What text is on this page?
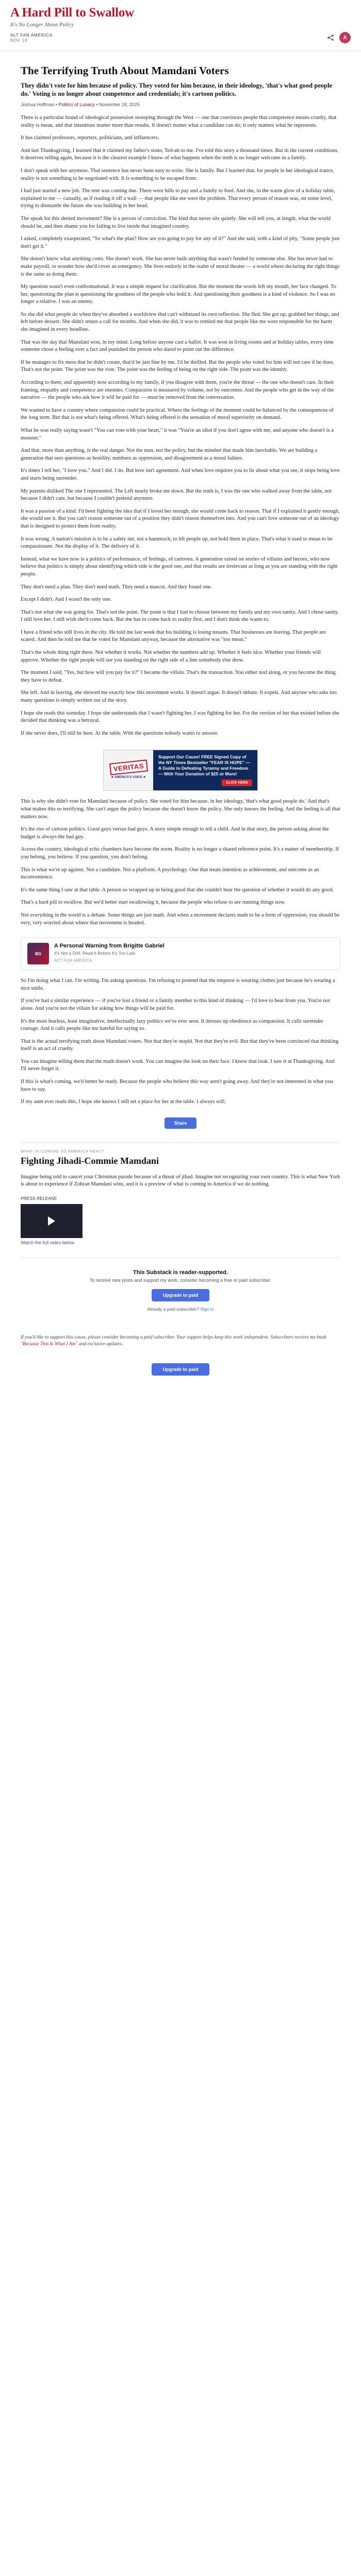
A Hard Pill to Swallow
It's No Longer About Policy
ALT FAN AMERICA
NOV 18	A
The Terrifying Truth About Mamdani Voters

They didn't vote for him because of policy. They voted for him because, in their ideology, 'that's what good people do.' Voting is no longer about competence and credentials; it's cartoon politics.

Joshua Hoffman • Politics of Lunacy • November 18, 2025

There is a particular brand of ideological possession sweeping through the West — one that convinces people that competence means cruelty, that reality is mean, and that intentions matter more than results. It doesn't matter what a candidate can do; it only matters what he represents.

It has claimed professors, reporters, politicians, and influencers.

And last Thanksgiving, I learned that it claimed my father's sister, Ted-ah to me. I've told this story a thousand times. But in the current conditions, it deserves telling again, because it is the clearest example I know of what happens when the truth is no longer welcome in a family.

I don't speak with her anymore. That sentence has never been easy to write. She is family. But I learned that, for people in her ideological trance, reality is not something to be negotiated with. It is something to be escaped from.

I had just started a new job. The rent was coming due. There were bills to pay and a family to feed. And she, in the warm glow of a holiday table, explained to me — casually, as if reading it off a wall — that people like me were the problem. That every person of reason was, on some level, trying to dismantle the future she was building in her head.

The speak for this denied movement? She is a person of conviction. The kind that never sits quietly. She will tell you, at length, what the world should be, and then shame you for failing to live inside that imagined country.

I asked, completely exasperated, "So what's the plan? How are you going to pay for any of it?" And she said, with a kind of pity, "Some people just don't get it."

She doesn't know what anything costs. She doesn't work. She has never built anything that wasn't funded by someone else. She has never had to make payroll, or wonder how she'd cover an emergency. She lives entirely in the realm of moral theater — a world where declaring the right things is the same as doing them.

My question wasn't even confrontational. It was a simple request for clarification. But the moment the words left my mouth, her face changed. To her, questioning the plan is questioning the goodness of the people who hold it. And questioning their goodness is a kind of violence. So I was no longer a relative. I was an enemy.

So she did what people do when they've absorbed a worldview that can't withstand its own reflection. She fled. She got up, grabbed her things, and left before dessert. She didn't return a call for months. And when she did, it was to remind me that people like me were responsible for the harm she imagined in every headline.

That was the day that Mamdani won, in my mind. Long before anyone cast a ballot. It was won in living rooms and at holiday tables, every time someone chose a feeling over a fact and punished the person who dared to point out the difference.

If he manages to fix mess that he didn't create, that'd be just fine by me. I'd be thrilled. But the people who voted for him will not care if he does. That's not the point. The point was the vote. The point was the feeling of being on the right side. The point was the identity.

According to them, and apparently now according to my family, if you disagree with them, you're the threat — the one who doesn't care. In their framing, empathy and competence are enemies. Compassion is measured by volume, not by outcomes. And the people who get in the way of the narrative — the people who ask how it will be paid for — must be removed from the conversation.

We wanted to have a country where compassion could be practical. Where the feelings of the moment could be balanced by the consequences of the long term. But that is not what's being offered. What's being offered is the sensation of moral superiority on demand.

What he was really saying wasn't "You can vote with your heart," it was "You're an idiot if you don't agree with me, and anyone who doesn't is a monster."

And that, more than anything, is the real danger. Not the man, not the policy, but the mindset that made him inevitable. We are building a generation that sees questions as hostility, numbers as oppression, and disagreement as a moral failure.

It's times I tell her, "I love you." And I did. I do. But love isn't agreement. And when love requires you to lie about what you see, it stops being love and starts being surrender.

My parents disliked The one I represented. The Left nearly broke me down. But the truth is, I was the one who walked away from the table, not because I didn't care, but because I couldn't pretend anymore.

It was a passion of a kind. I'd been fighting the idea that if I loved her enough, she would come back to reason. That if I explained it gently enough, she would see it. But you can't reason someone out of a position they didn't reason themselves into. And you can't love someone out of an ideology that is designed to protect them from reality.

It was wrong. A nation's mission is to be a safety net, not a hammock; to lift people up, not hold them in place. That's what it used to mean to be compassionate. Not the display of it. The delivery of it.

Instead, what we have now is a politics of performance, of feelings, of cartoons. A generation raised on stories of villains and heroes, who now believe that politics is simply about identifying which side is the good one, and that results are irrelevant as long as you are standing with the right people.

They don't need a plan. They don't need math. They need a mascot. And they found one.

Except I didn't. And I wasn't the only one.

That's not what she was going for. That's not the point. The point is that I had to choose between my family and my own sanity. And I chose sanity. I still love her. I still wish she'd come back. But she has to come back to reality first, and I don't think she wants to.

I have a friend who still lives in the city. He told me last week that his building is losing tenants. That businesses are leaving. That people are scared. And then he told me that he voted for Mamdani anyway, because the alternative was "too mean."

That's the whole thing right there. Not whether it works. Not whether the numbers add up. Whether it feels nice. Whether your friends will approve. Whether the right people will see you standing on the right side of a line somebody else drew.

The moment I said, "Yes, but how will you pay for it?" I became the villain. That's the transaction. You either nod along, or you become the thing they have to defeat.

She left. And in leaving, she showed me exactly how this movement works. It doesn't argue. It doesn't debate. It expels. And anyone who asks too many questions is simply written out of the story.

I hope she reads this someday. I hope she understands that I wasn't fighting her. I was fighting for her. For the version of her that existed before she decided that thinking was a betrayal.

If she never does, I'll still be here. At the table. With the questions nobody wants to answer.

VERITAS
★ AMERICA'S VOICE ★
Support Our Cause! FREE Signed Copy of the NY Times Bestseller "FEAR IS HOPE" — A Guide to Defeating Tyranny and Freedom — With Your Donation of $25 or More!
CLICK HERE

This is why she didn't vote for Mamdani because of policy. She voted for him because, in her ideology, 'that's what good people do.' And that's what makes this so terrifying. She can't argue the policy because she doesn't know the policy. She only knows the feeling. And the feeling is all that matters now.

It's the rise of cartoon politics. Good guys versus bad guys. A story simple enough to tell a child. And in that story, the person asking about the budget is always the bad guy.

Across the country, ideological echo chambers have become the norm. Reality is no longer a shared reference point. It's a matter of membership. If you belong, you believe. If you question, you don't belong.

This is what we're up against. Not a candidate. Not a platform. A psychology. One that treats intention as achievement, and outcome as an inconvenience.

It's the same thing I saw at that table. A person so wrapped up in being good that she couldn't bear the question of whether it would do any good.

That's a hard pill to swallow. But we'd better start swallowing it, because the people who refuse to are running things now.

Not everything in the world is a debate. Some things are just math. And when a movement declares math to be a form of oppression, you should be very, very worried about where that movement is headed.

BG
A Personal Warning from Brigitte Gabriel
It's Not a Drill. Read it Before It's Too Late.
ACT FOR AMERICA

So I'm doing what I can. I'm writing. I'm asking questions. I'm refusing to pretend that the emperor is wearing clothes just because he's wearing a nice smile.

If you've had a similar experience — if you've lost a friend or a family member to this kind of thinking — I'd love to hear from you. You're not alone. And you're not the villain for asking how things will be paid for.

It's the most fearless, least imaginative, intellectually lazy politics we've ever seen. It dresses up obedience as compassion. It calls surrender courage. And it calls people like me hateful for saying so.

That is the actual terrifying truth about Mamdani voters. Not that they're stupid. Not that they're evil. But that they've been convinced that thinking itself is an act of cruelty.

You can imagine telling them that the math doesn't work. You can imagine the look on their face. I know that look. I saw it at Thanksgiving. And I'll never forget it.

If this is what's coming, we'd better be ready. Because the people who believe this way aren't going away. And they're not interested in what you have to say.

If my aunt ever reads this, I hope she knows I still set a place for her at the table. I always will.

Share
WHAT IS COMING TO AMERICA NEXT?
Fighting Jihadi-Commie Mamdani

Imagine being told to cancel your Christmas parade because of a threat of jihad. Imagine not recognizing your own country. This is what New York is about to experience if Zohran Mamdani wins, and it is a preview of what is coming to America if we do nothing.

PRESS RELEASE
Watch the full video below
This Substack is reader-supported.
To receive new posts and support my work, consider becoming a free or paid subscriber.
Upgrade to paid
Already a paid subscriber? Sign in
If you'd like to support this cause, please consider becoming a paid subscriber. Your support helps keep this work independent. Subscribers receive my book "Because This Is What I Am" and exclusive updates.
Upgrade to paid
